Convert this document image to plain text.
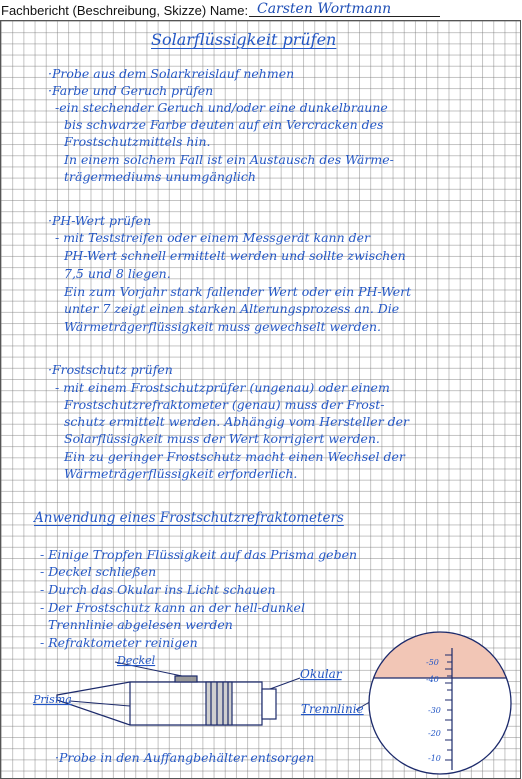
Fachbericht (Beschreibung, Skizze) Name: Carsten Wortmann
Solarflüssigkeit prüfen
·Probe aus dem Solarkreislauf nehmen
·Farbe und Geruch prüfen
-ein stechender Geruch und/oder eine dunkelbraune
bis schwarze Farbe deuten auf ein Vercracken des
Frostschutzmittels hin.
In einem solchem Fall ist ein Austausch des Wärme-
trägermediums unumgänglich
·PH-Wert prüfen
- mit Teststreifen oder einem Messgerät kann der
PH-Wert schnell ermittelt werden und sollte zwischen
7,5 und 8 liegen.
Ein zum Vorjahr stark fallender Wert oder ein PH-Wert
unter 7 zeigt einen starken Alterungsprozess an. Die
Wärmeträgerflüssigkeit muss gewechselt werden.
·Frostschutz prüfen
- mit einem Frostschutzprüfer (ungenau) oder einem
Frostschutzrefraktometer (genau) muss der Frost-
schutz ermittelt werden. Abhängig vom Hersteller der
Solarflüssigkeit muss der Wert korrigiert werden.
Ein zu geringer Frostschutz macht einen Wechsel der
Wärmeträgerflüssigkeit erforderlich.
Anwendung eines Frostschutzrefraktometers
- Einige Tropfen Flüssigkeit auf das Prisma geben
- Deckel schließen
- Durch das Okular ins Licht schauen
- Der Frostschutz kann an der hell-dunkel
Trennlinie abgelesen werden
- Refraktometer reinigen
-50
-40
-30
-20
-10
Deckel
Prisma
Okular
Trennlinie
·Probe in den Auffangbehälter entsorgen
